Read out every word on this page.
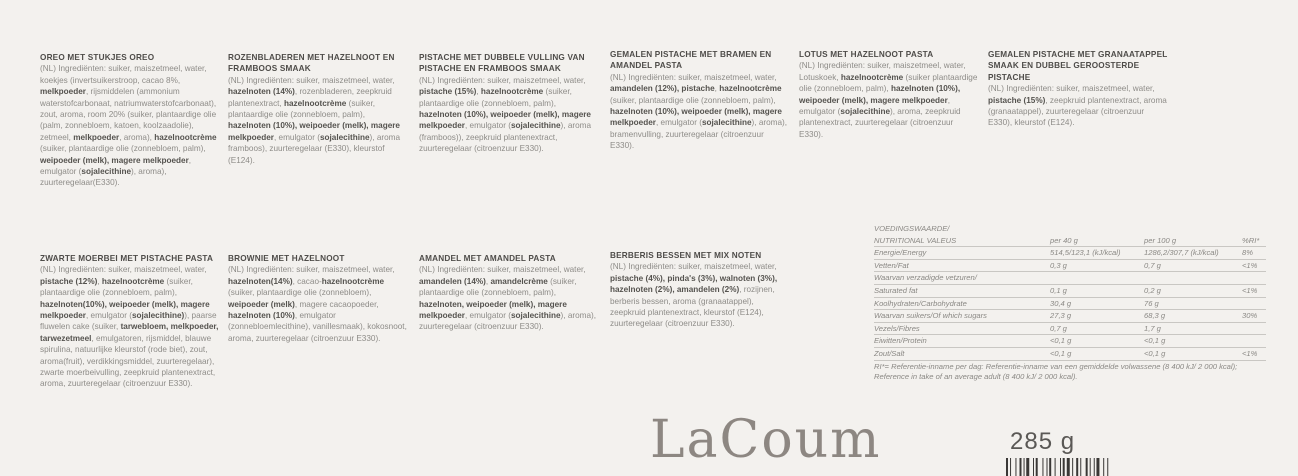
OREO MET STUKJES OREO
(NL) Ingrediënten: suiker, maiszetmeel, water, koekjes (invertsuikerstroop, cacao 8%, melkpoeder, rijsmiddelen (ammonium waterstofcarbonaat, natriumwaterstofcarbonaat), zout, aroma, room 20% (suiker, plantaardige olie (palm, zonnebloem, katoen, koolzaadolie), zetmeel, melkpoeder, aroma), hazelnootcrème (suiker, plantaardige olie (zonnebloem, palm), weipoeder (melk), magere melkpoeder, emulgator (sojalecithine), aroma), zuurteregelaar(E330).
ROZENBLADEREN MET HAZELNOOT EN FRAMBOOS SMAAK
(NL) Ingrediënten: suiker, maiszetmeel, water, hazelnoten (14%), rozenbladeren, zeepkruid plantenextract, hazelnootcrème (suiker, plantaardige olie (zonnebloem, palm), hazelnoten (10%), weipoeder (melk), magere melkpoeder, emulgator (sojalecithine), aroma framboos), zuurteregelaar (E330), kleurstof (E124).
PISTACHE MET DUBBELE VULLING VAN PISTACHE EN FRAMBOOS SMAAK
(NL) Ingrediënten: suiker, maiszetmeel, water, pistache (15%), hazelnootcrème (suiker, plantaardige olie (zonnebloem, palm), hazelnoten (10%), weipoeder (melk), magere melkpoeder, emulgator (sojalecithine), aroma (framboos)), zeepkruid plantenextract, zuurteregelaar (citroenzuur E330).
GEMALEN PISTACHE MET BRAMEN EN AMANDEL PASTA
(NL) Ingrediënten: suiker, maiszetmeel, water, amandelen (12%), pistache, hazelnootcrème (suiker, plantaardige olie (zonnebloem, palm), hazelnoten (10%), weipoeder (melk), magere melkpoeder, emulgator (sojalecithine), aroma), bramenvulling, zuurteregelaar (citroenzuur E330).
LOTUS MET HAZELNOOT PASTA
(NL) Ingrediënten: suiker, maiszetmeel, water, Lotuskoek, hazelnootcrème (suiker plantaardige olie (zonnebloem, palm), hazelnoten (10%), weipoeder (melk), magere melkpoeder, emulgator (sojalecithine), aroma, zeepkruid plantenextract, zuurteregelaar (citroenzuur E330).
GEMALEN PISTACHE MET GRANAATAPPEL SMAAK EN DUBBEL GEROOSTERDE PISTACHE
(NL) Ingrediënten: suiker, maiszetmeel, water, pistache (15%), zeepkruid plantenextract, aroma (granaatappel), zuurteregelaar (citroenzuur E330), kleurstof (E124).
ZWARTE MOERBEI MET PISTACHE PASTA
(NL) Ingrediënten: suiker, maiszetmeel, water, pistache (12%), hazelnootcrème (suiker, plantaardige olie (zonnebloem, palm), hazelnoten(10%), weipoeder (melk), magere melkpoeder, emulgator (sojalecithine)), paarse fluwelen cake (suiker, tarwebloem, melkpoeder, tarwezetmeel, emulgatoren, rijsmiddel, blauwe spirulina, natuurlijke kleurstof (rode biet), zout, aroma(fruit), verdikkingsmiddel, zuurteregelaar), zwarte moerbeivulling, zeepkruid plantenextract, aroma, zuurteregelaar (citroenzuur E330).
BROWNIE MET HAZELNOOT
(NL) Ingrediënten: suiker, maiszetmeel, water, hazelnoten(14%), cacao-hazelnootcrème (suiker, plantaardige olie (zonnebloem), weipoeder (melk), magere cacaopoeder, hazelnoten (10%), emulgator (zonnebloemlecithine), vanillesmaak), kokosnoot, aroma, zuurteregelaar (citroenzuur E330).
AMANDEL MET AMANDEL PASTA
(NL) Ingrediënten: suiker, maiszetmeel, water, amandelen (14%), amandelcrème (suiker, plantaardige olie (zonnebloem, palm), hazelnoten, weipoeder (melk), magere melkpoeder, emulgator (sojalecithine), aroma), zuurteregelaar (citroenzuur E330).
BERBERIS BESSEN MET MIX NOTEN
(NL) Ingrediënten: suiker, maiszetmeel, water, pistache (4%), pinda's (3%), walnoten (3%), hazelnoten (2%), amandelen (2%), rozijnen, berberis bessen, aroma (granaatappel), zeepkruid plantenextract, kleurstof (E124), zuurteregelaar (citroenzuur E330).
VOEDINGSWAARDE/
NUTRITIONAL VALEUS	per 40 g	per 100 g	%RI*
Energie/Energy	514,5/123,1 (kJ/kcal)	1286,2/307,7 (kJ/kcal)	8%
Vetten/Fat	0,3 g	0,7 g	<1%
Waarvan verzadigde vetzuren/
Saturated fat	0,1 g	0,2 g	<1%
Koolhydraten/Carbohydrate	30,4 g	76 g
Waarvan suikers/Of which sugars	27,3 g	68,3 g	30%
Vezels/Fibres	0,7 g	1,7 g
Eiwitten/Protein	<0,1 g	<0,1 g
Zout/Salt	<0,1 g	<0,1 g	<1%
RI*= Referentie-inname per dag: Referentie-inname van een gemiddelde volwassene (8 400 kJ/ 2 000 kcal); Reference in take of an average adult (8 400 kJ/ 2 000 kcal).
LaCoum	285 g
